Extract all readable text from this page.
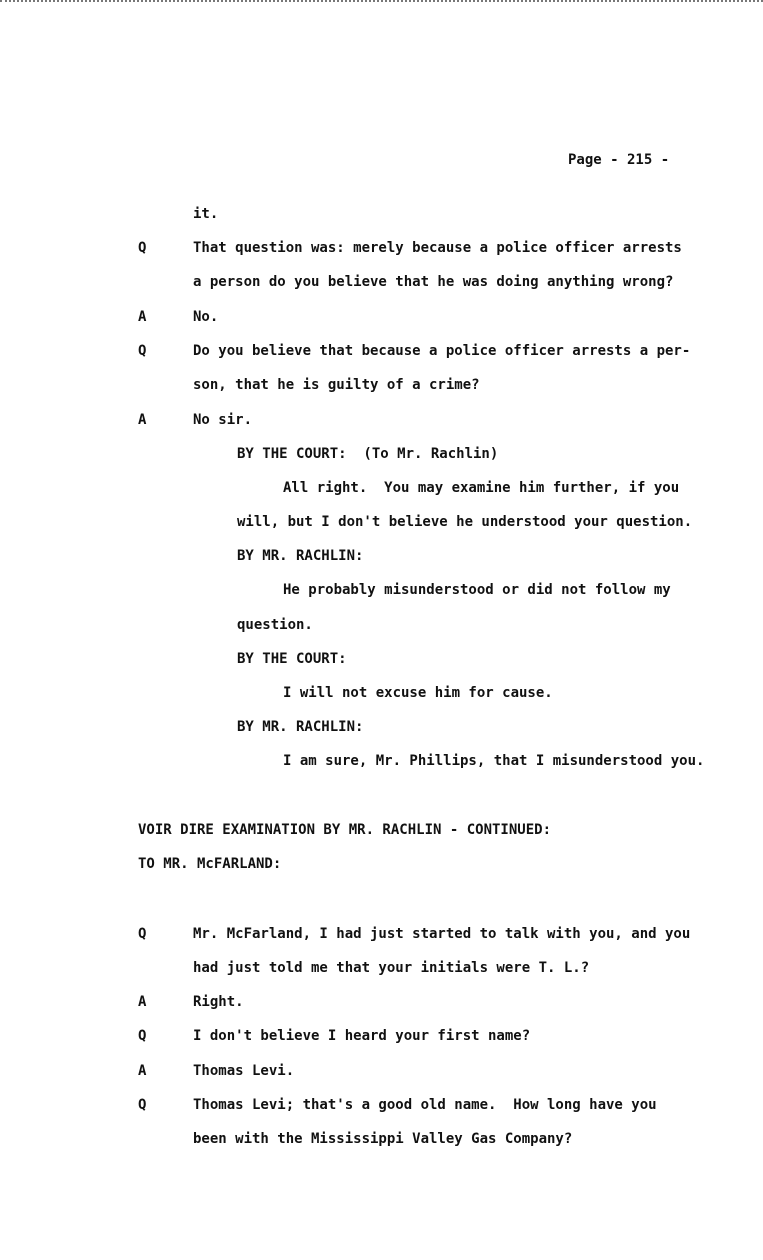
Page - 215 -
it.
Q	That question was: merely because a police officer arrests
a person do you believe that he was doing anything wrong?
A	No.
Q	Do you believe that because a police officer arrests a per-
son, that he is guilty of a crime?
A	No sir.
BY THE COURT:  (To Mr. Rachlin)
All right.  You may examine him further, if you
will, but I don't believe he understood your question.
BY MR. RACHLIN:
He probably misunderstood or did not follow my
question.
BY THE COURT:
I will not excuse him for cause.
BY MR. RACHLIN:
I am sure, Mr. Phillips, that I misunderstood you.
VOIR DIRE EXAMINATION BY MR. RACHLIN - CONTINUED:
TO MR. McFARLAND:
Q	Mr. McFarland, I had just started to talk with you, and you
had just told me that your initials were T. L.?
A	Right.
Q	I don't believe I heard your first name?
A	Thomas Levi.
Q	Thomas Levi; that's a good old name.  How long have you
been with the Mississippi Valley Gas Company?
